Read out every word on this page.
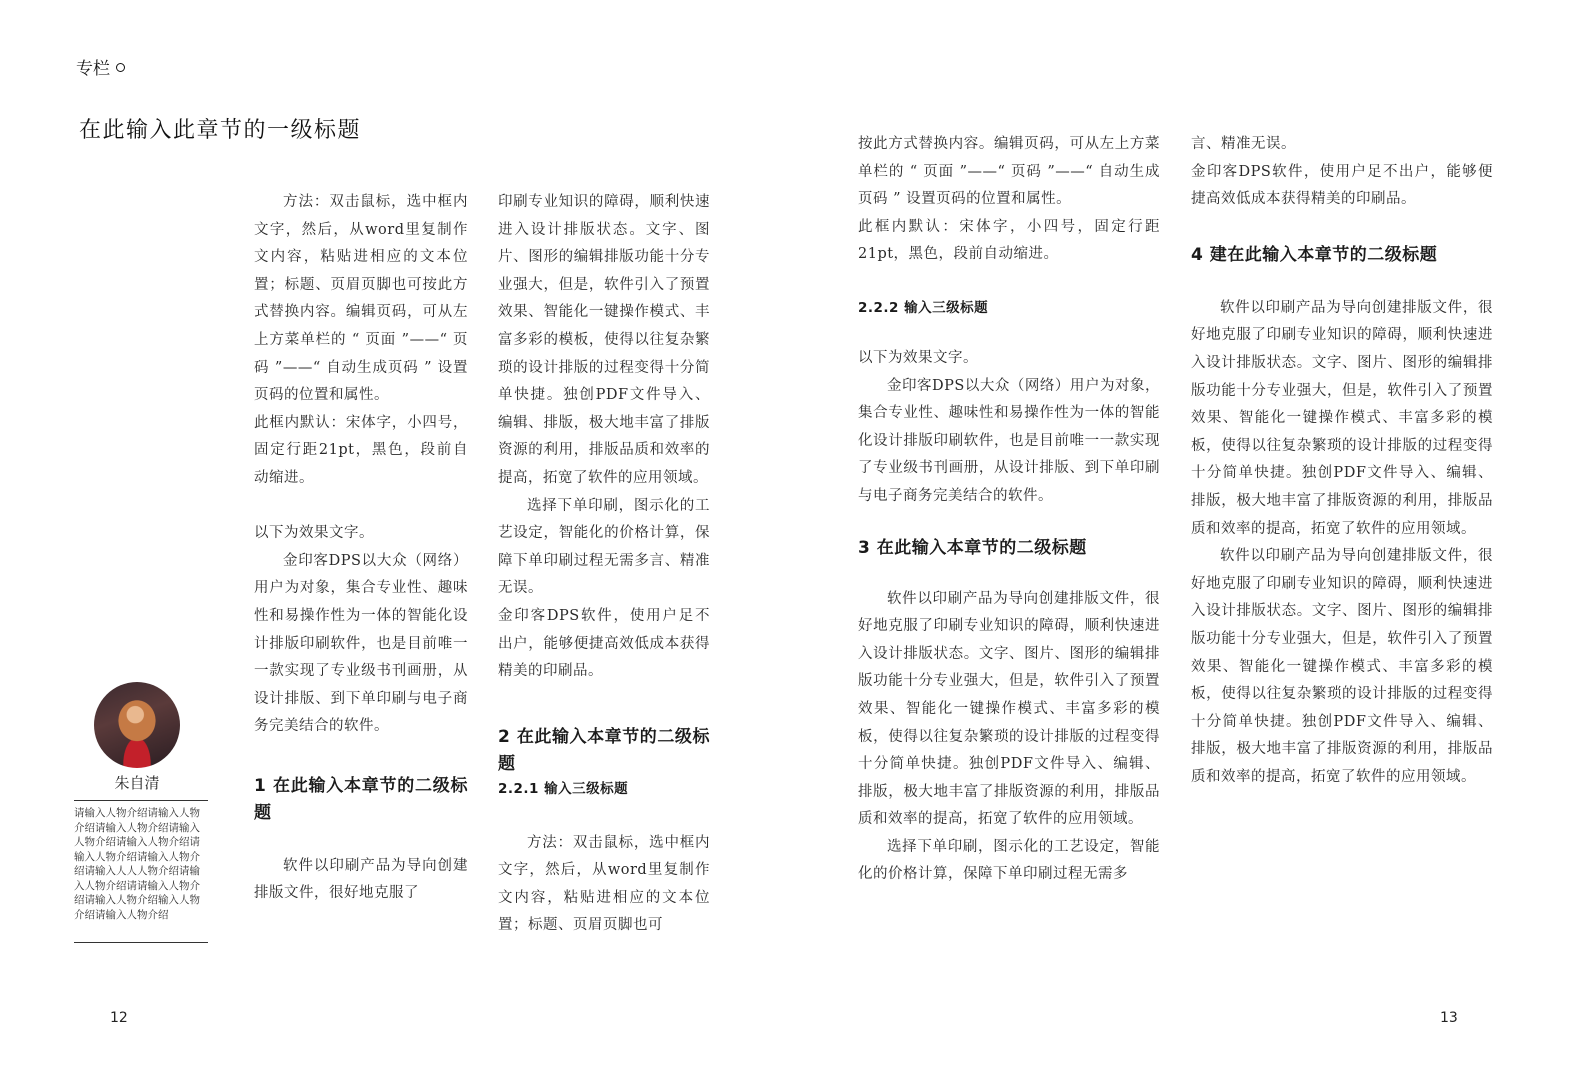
专栏
在此输入此章节的一级标题
朱自清

请输入人物介绍请输入人物介绍请输入人物介绍请输入人物介绍请输入人物介绍请输入人物介绍请输入人物介绍请输入人人人物介绍请输入人物介绍请请输入人物介绍请输入人物介绍输入人物介绍请输入人物介绍

方法：双击鼠标，选中框内文字，然后，从word里复制作文内容，粘贴进相应的文本位置；标题、页眉页脚也可按此方式替换内容。编辑页码，可从左上方菜单栏的 “ 页面 ”——“ 页码 ”——“ 自动生成页码 ” 设置页码的位置和属性。

此框内默认：宋体字，小四号，固定行距21pt，黑色，段前自动缩进。

以下为效果文字。

金印客DPS以大众（网络）用户为对象，集合专业性、趣味性和易操作性为一体的智能化设计排版印刷软件，也是目前唯一一款实现了专业级书刊画册，从设计排版、到下单印刷与电子商务完美结合的软件。

1 在此输入本章节的二级标题

软件以印刷产品为导向创建排版文件，很好地克服了

印刷专业知识的障碍，顺利快速进入设计排版状态。文字、图片、图形的编辑排版功能十分专业强大，但是，软件引入了预置效果、智能化一键操作模式、丰富多彩的模板，使得以往复杂繁琐的设计排版的过程变得十分简单快捷。独创PDF文件导入、编辑、排版，极大地丰富了排版资源的利用，排版品质和效率的提高，拓宽了软件的应用领域。

选择下单印刷，图示化的工艺设定，智能化的价格计算，保障下单印刷过程无需多言、精准无误。

金印客DPS软件，使用户足不出户，能够便捷高效低成本获得精美的印刷品。

2 在此输入本章节的二级标题
2.2.1 输入三级标题

方法：双击鼠标，选中框内文字，然后，从word里复制作文内容，粘贴进相应的文本位置；标题、页眉页脚也可

按此方式替换内容。编辑页码，可从左上方菜单栏的 “ 页面 ”——“ 页码 ”——“ 自动生成页码 ” 设置页码的位置和属性。

此框内默认：宋体字，小四号，固定行距21pt，黑色，段前自动缩进。

2.2.2 输入三级标题

以下为效果文字。

金印客DPS以大众（网络）用户为对象，集合专业性、趣味性和易操作性为一体的智能化设计排版印刷软件，也是目前唯一一款实现了专业级书刊画册，从设计排版、到下单印刷与电子商务完美结合的软件。

3 在此输入本章节的二级标题

软件以印刷产品为导向创建排版文件，很好地克服了印刷专业知识的障碍，顺利快速进入设计排版状态。文字、图片、图形的编辑排版功能十分专业强大，但是，软件引入了预置效果、智能化一键操作模式、丰富多彩的模板，使得以往复杂繁琐的设计排版的过程变得十分简单快捷。独创PDF文件导入、编辑、排版，极大地丰富了排版资源的利用，排版品质和效率的提高，拓宽了软件的应用领域。

选择下单印刷，图示化的工艺设定，智能化的价格计算，保障下单印刷过程无需多

言、精准无误。

金印客DPS软件，使用户足不出户，能够便捷高效低成本获得精美的印刷品。

4 建在此输入本章节的二级标题

软件以印刷产品为导向创建排版文件，很好地克服了印刷专业知识的障碍，顺利快速进入设计排版状态。文字、图片、图形的编辑排版功能十分专业强大，但是，软件引入了预置效果、智能化一键操作模式、丰富多彩的模板，使得以往复杂繁琐的设计排版的过程变得十分简单快捷。独创PDF文件导入、编辑、排版，极大地丰富了排版资源的利用，排版品质和效率的提高，拓宽了软件的应用领域。

软件以印刷产品为导向创建排版文件，很好地克服了印刷专业知识的障碍，顺利快速进入设计排版状态。文字、图片、图形的编辑排版功能十分专业强大，但是，软件引入了预置效果、智能化一键操作模式、丰富多彩的模板，使得以往复杂繁琐的设计排版的过程变得十分简单快捷。独创PDF文件导入、编辑、排版，极大地丰富了排版资源的利用，排版品质和效率的提高，拓宽了软件的应用领域。

12	13
